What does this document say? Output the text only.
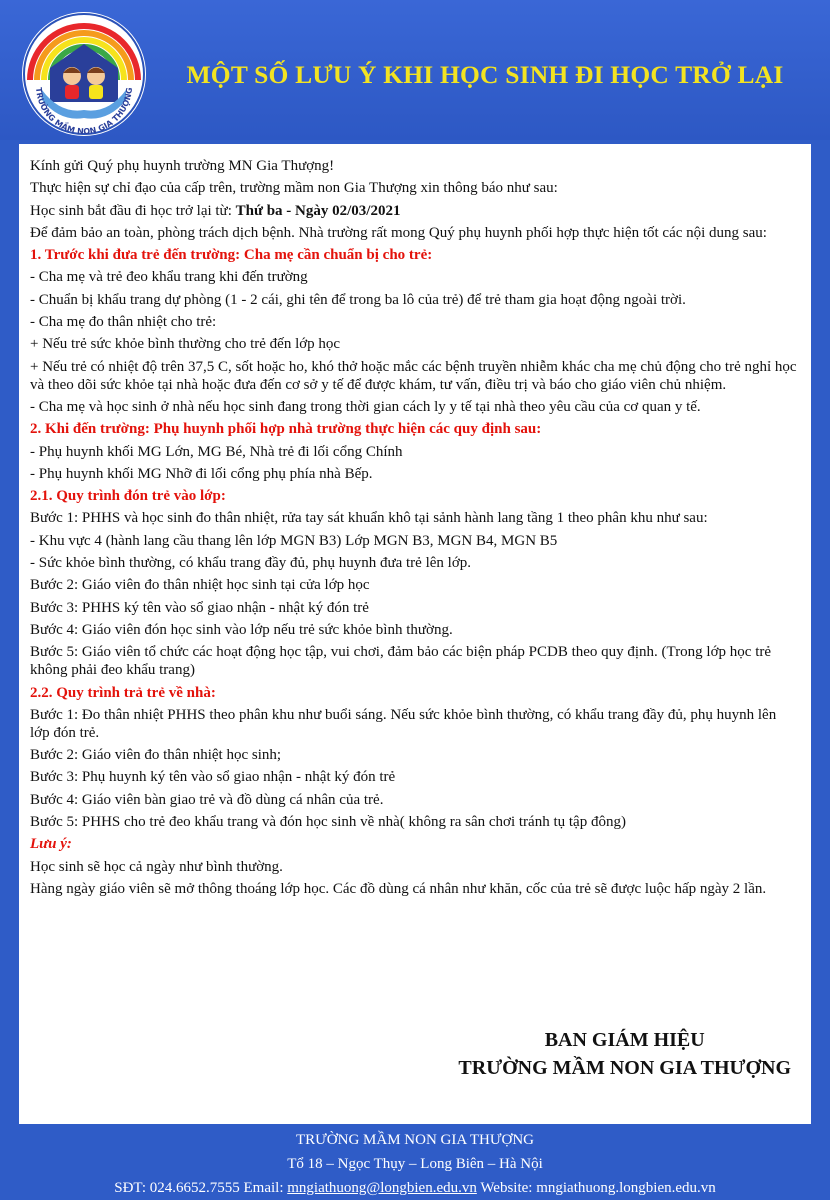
TRƯỜNG MẦM NON GIA THƯỢNG
MỘT SỐ LƯU Ý KHI HỌC SINH ĐI HỌC TRỞ LẠI

Kính gửi Quý phụ huynh trường MN Gia Thượng!

Thực hiện sự chỉ đạo của cấp trên, trường mầm non Gia Thượng xin thông báo như sau:

Học sinh bắt đầu đi học trở lại từ: Thứ ba - Ngày 02/03/2021

Để đảm bảo an toàn, phòng trách dịch bệnh. Nhà trường rất mong Quý phụ huynh phối hợp thực hiện tốt các nội dung sau:

1. Trước khi đưa trẻ đến trường: Cha mẹ cần chuẩn bị cho trẻ:

- Cha mẹ và trẻ đeo khẩu trang khi đến trường

- Chuẩn bị khẩu trang dự phòng (1 - 2 cái, ghi tên để trong ba lô của trẻ) để trẻ tham gia hoạt động ngoài trời.

- Cha mẹ đo thân nhiệt cho trẻ:

+ Nếu trẻ sức khỏe bình thường cho trẻ đến lớp học

+ Nếu trẻ có nhiệt độ trên 37,5 C, sốt hoặc ho, khó thở hoặc mắc các bệnh truyền nhiễm khác cha mẹ chủ động cho trẻ nghỉ học và theo dõi sức khỏe tại nhà hoặc đưa đến cơ sở y tế để được khám, tư vấn, điều trị và báo cho giáo viên chủ nhiệm.

- Cha mẹ và học sinh ở nhà nếu học sinh đang trong thời gian cách ly y tế tại nhà theo yêu cầu của cơ quan y tế.

2. Khi đến trường: Phụ huynh phối hợp nhà trường thực hiện các quy định sau:

- Phụ huynh khối MG Lớn, MG Bé, Nhà trẻ đi lối cổng Chính

- Phụ huynh khối MG Nhỡ đi lối cổng phụ phía nhà Bếp.

2.1. Quy trình đón trẻ vào lớp:

Bước 1: PHHS và học sinh đo thân nhiệt, rửa tay sát khuẩn khô tại sảnh hành lang tầng 1 theo phân khu như sau:

- Khu vực 4 (hành lang cầu thang lên lớp MGN B3) Lớp MGN B3, MGN B4, MGN B5

- Sức khỏe bình thường, có khẩu trang đầy đủ, phụ huynh đưa trẻ lên lớp.

Bước 2: Giáo viên đo thân nhiệt học sinh tại cửa lớp học

Bước 3: PHHS ký tên vào sổ giao nhận - nhật ký đón trẻ

Bước 4: Giáo viên đón học sinh vào lớp nếu trẻ sức khỏe bình thường.

Bước 5: Giáo viên tổ chức các hoạt động học tập, vui chơi, đảm bảo các biện pháp PCDB theo quy định. (Trong lớp học trẻ không phải đeo khẩu trang)

2.2. Quy trình trả trẻ về nhà:

Bước 1: Đo thân nhiệt PHHS theo phân khu như buổi sáng. Nếu sức khỏe bình thường, có khẩu trang đầy đủ, phụ huynh lên lớp đón trẻ.

Bước 2: Giáo viên đo thân nhiệt học sinh;

Bước 3: Phụ huynh ký tên vào sổ giao nhận - nhật ký đón trẻ

Bước 4: Giáo viên bàn giao trẻ và đồ dùng cá nhân của trẻ.

Bước 5: PHHS cho trẻ đeo khẩu trang và đón học sinh về nhà( không ra sân chơi tránh tụ tập đông)

Lưu ý:

Học sinh sẽ học cả ngày như bình thường.

Hàng ngày giáo viên sẽ mở thông thoáng lớp học. Các đồ dùng cá nhân như khăn, cốc của trẻ sẽ được luộc hấp ngày 2 lần.

BAN GIÁM HIỆU
TRƯỜNG MẦM NON GIA THƯỢNG
TRƯỜNG MẦM NON GIA THƯỢNG
Tổ 18 – Ngọc Thụy – Long Biên – Hà Nội
SĐT: 024.6652.7555 Email: mngiathuong@longbien.edu.vn Website: mngiathuong.longbien.edu.vn
